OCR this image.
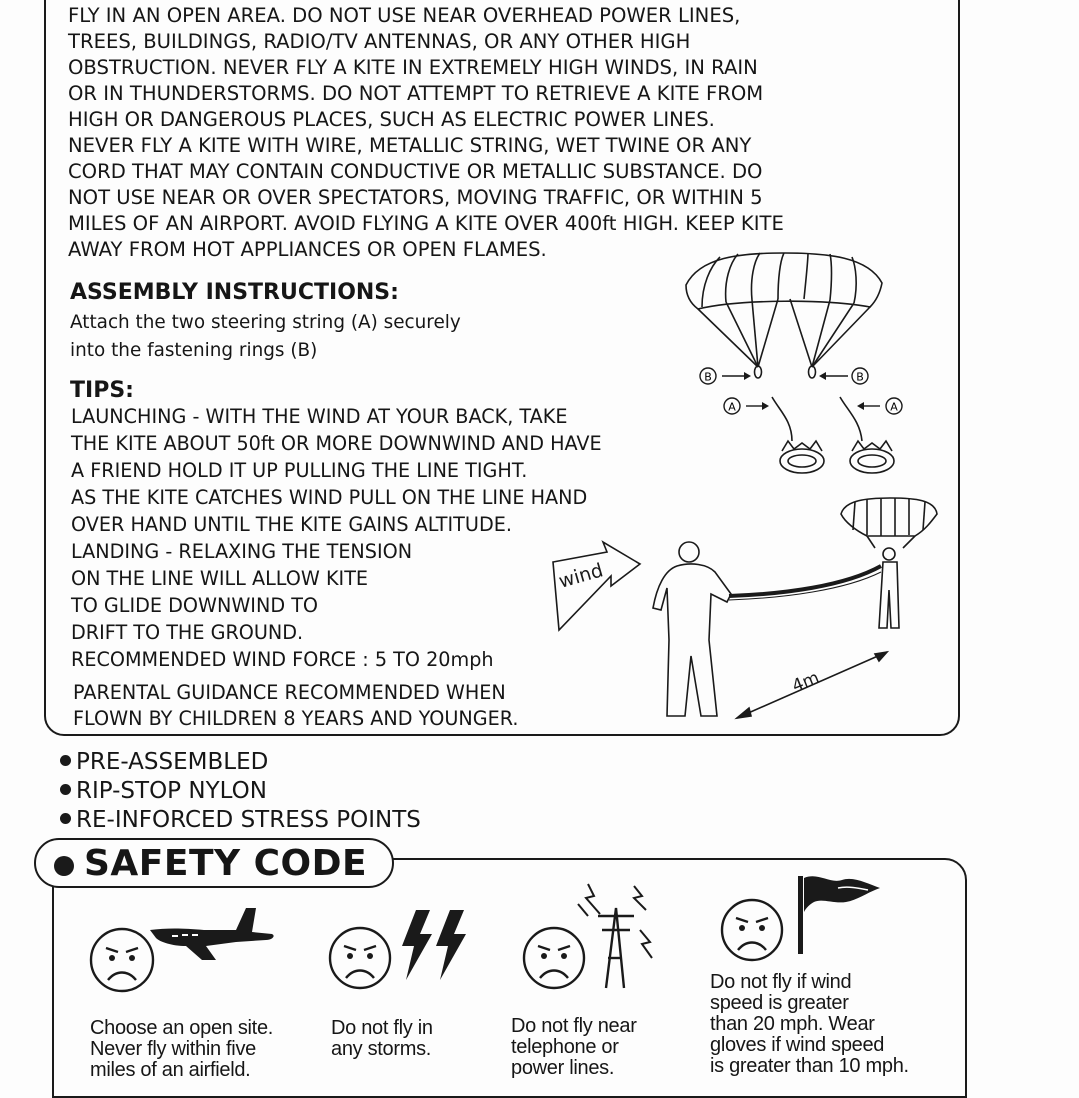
FLY IN AN OPEN AREA. DO NOT USE NEAR OVERHEAD POWER LINES,
TREES, BUILDINGS, RADIO/TV ANTENNAS, OR ANY OTHER HIGH
OBSTRUCTION. NEVER FLY A KITE IN EXTREMELY HIGH WINDS, IN RAIN
OR IN THUNDERSTORMS. DO NOT ATTEMPT TO RETRIEVE A KITE FROM
HIGH OR DANGEROUS PLACES, SUCH AS ELECTRIC POWER LINES.
NEVER FLY A KITE WITH WIRE, METALLIC STRING, WET TWINE OR ANY
CORD THAT MAY CONTAIN CONDUCTIVE OR METALLIC SUBSTANCE. DO
NOT USE NEAR OR OVER SPECTATORS, MOVING TRAFFIC, OR WITHIN 5
MILES OF AN AIRPORT. AVOID FLYING A KITE OVER 400ft HIGH. KEEP KITE
AWAY FROM HOT APPLIANCES OR OPEN FLAMES.
ASSEMBLY INSTRUCTIONS:
Attach the two steering string (A) securely
into the fastening rings (B)
TIPS:
LAUNCHING - WITH THE WIND AT YOUR BACK, TAKE
THE KITE ABOUT 50ft OR MORE DOWNWIND AND HAVE
A FRIEND HOLD IT UP PULLING THE LINE TIGHT.
AS THE KITE CATCHES WIND PULL ON THE LINE HAND
OVER HAND UNTIL THE KITE GAINS ALTITUDE.
LANDING - RELAXING THE TENSION
ON THE LINE WILL ALLOW KITE
TO GLIDE DOWNWIND TO
DRIFT TO THE GROUND.
RECOMMENDED WIND FORCE : 5 TO 20mph
PARENTAL GUIDANCE RECOMMENDED WHEN
FLOWN BY CHILDREN 8 YEARS AND YOUNGER.
B	B
A	A
wind
4m
PRE-ASSEMBLED
RIP-STOP NYLON
RE-INFORCED STRESS POINTS
SAFETY CODE
Choose an open site.
Never fly within five
miles of an airfield.
Do not fly in
any storms.
Do not fly near
telephone or
power lines.
Do not fly if wind
speed is greater
than 20 mph. Wear
gloves if wind speed
is greater than 10 mph.
